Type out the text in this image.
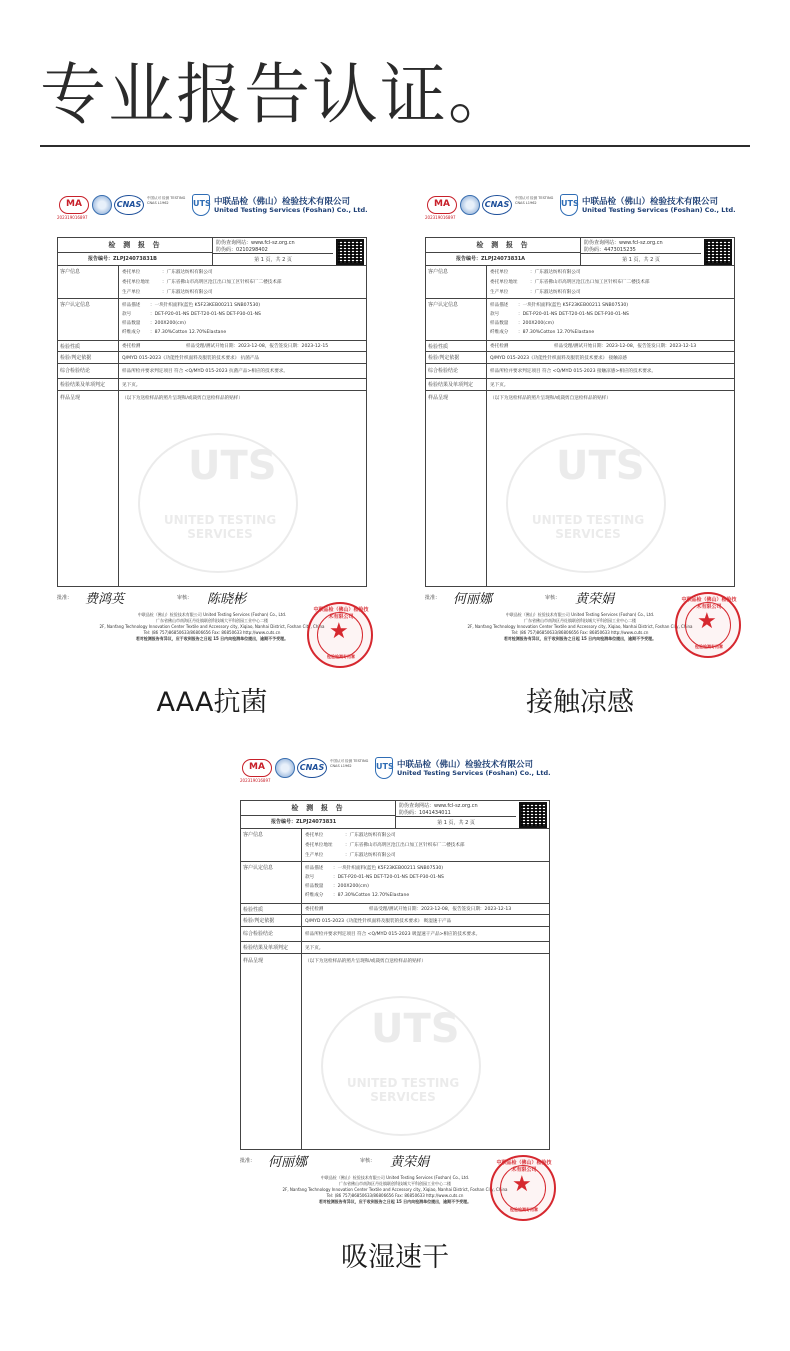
专业报告认证。
MA
202319016897
CNAS
中国认可 检测 TESTING CNAS L1962	UTS 中联品检（佛山）检验技术有限公司
United Testing Services (Foshan) Co., Ltd.
检 测 报 告
报告编号：ZLPJ24073831B
防伪查询网站：www.fcl-sz.org.cn
防伪码：0210298402
第 1 页，共 2 页
客户信息	委托单位	：广东淑达纺织有限公司
委托单位地址	：广东省佛山市高明区沧江出口加工区针织布厂二楼技术部
生产单位	：广东淑达纺织有限公司
客户认定信息	样品描述 ：一块针织面料(蓝色 K5F23KEB00211 SNB07530)
款号	：DET-P20-01-NS DET-T20-01-NS DET-P30-01-NS
样品数量 ：200X200(cm)
纤维成分 ：87.30%Cotton 12.70%Elastane
检验性质	委托检测	样品受理/测试开始日期：2023-12-08，报告签发日期：2023-12-15
检验/判定依据	Q/MYD 015-2023《功能性针织面料及服装的技术要求》 抗菌产品
综合检验结论	样品所检并要求判定项目 符合 <Q/MYD 015-2023 抗菌产品>相应的技术要求。
检验结果及单项判定	见下页。
样品呈现	（以下为送检样品的照片呈现和/或裁剪自送检样品的贴样）
UTS
UNITED TESTING SERVICES
批准： 费鸿英	审核： 陈晓彬
中联品检（佛山）检验技术有限公司 United Testing Services (Foshan) Co., Ltd.
广东省佛山市南海区丹灶镇联创科技城大平科创园工业中心二楼
2F, Nanfang Technology Innovation Center Textile and Accessory city, Xiqiao, Nanhai District, Foshan City, China
Tel: (86 757)86850633/86806656 Fax: 86850633 http://www.cuts.cn
若对检测报告有异议，应于收到报告之日起 15 日内向检测单位提出，逾期不予受理。
中联品检（佛山）检验技术有限公司
★
检验检测专用章
AAA抗菌
MA
202319016897
CNAS
中国认可 检测 TESTING CNAS L1962	UTS 中联品检（佛山）检验技术有限公司
United Testing Services (Foshan) Co., Ltd.
检 测 报 告
报告编号：ZLPJ24073831A
防伪查询网站：www.fcl-sz.org.cn
防伪码：4473015235
第 1 页，共 2 页
客户信息	委托单位	：广东淑达纺织有限公司
委托单位地址	：广东省佛山市高明区沧江出口加工区针织布厂二楼技术部
生产单位	：广东淑达纺织有限公司
客户认定信息	样品描述 ：一块针织面料(蓝色 K5F23KEB00211 SNB07530)
款号	：DET-P20-01-NS DET-T20-01-NS DET-P30-01-NS
样品数量 ：200X200(cm)
纤维成分 ：87.30%Cotton 12.70%Elastane
检验性质	委托检测	样品受理/测试开始日期：2023-12-08，报告签发日期：2023-12-13
检验/判定依据	Q/MYD 015-2023《功能性针织面料及服装的技术要求》 接触凉感
综合检验结论	样品所检并要求判定项目 符合 <Q/MYD 015-2023 接触凉感>相应的技术要求。
检验结果及单项判定	见下页。
样品呈现	（以下为送检样品的照片呈现和/或裁剪自送检样品的贴样）
UTS
UNITED TESTING SERVICES
批准： 何丽娜	审核： 黄荣娟
中联品检（佛山）检验技术有限公司 United Testing Services (Foshan) Co., Ltd.
广东省佛山市南海区丹灶镇联创科技城大平科创园工业中心二楼
2F, Nanfang Technology Innovation Center Textile and Accessory city, Xiqiao, Nanhai District, Foshan City, China
Tel: (86 757)86850633/86806656 Fax: 86850633 http://www.cuts.cn
若对检测报告有异议，应于收到报告之日起 15 日内向检测单位提出，逾期不予受理。
中联品检（佛山）检验技术有限公司
★
检验检测专用章
接触凉感
MA
202319016897
CNAS
中国认可 检测 TESTING CNAS L1962	UTS 中联品检（佛山）检验技术有限公司
United Testing Services (Foshan) Co., Ltd.
检 测 报 告
报告编号：ZLPJ24073831
防伪查询网站：www.fcl-sz.org.cn
防伪码：1041434011
第 1 页，共 2 页
客户信息	委托单位	：广东淑达纺织有限公司
委托单位地址	：广东省佛山市高明区沧江出口加工区针织布厂二楼技术部
生产单位	：广东淑达纺织有限公司
客户认定信息	样品描述 ：一块针织面料(蓝色 K5F23KEB00211 SNB07530)
款号	：DET-P20-01-NS DET-T20-01-NS DET-P30-01-NS
样品数量 ：200X200(cm)
纤维成分 ：87.30%Cotton 12.70%Elastane
检验性质	委托检测	样品受理/测试开始日期：2023-12-08，报告签发日期：2023-12-13
检验/判定依据	Q/MYD 015-2023《功能性针织面料及服装的技术要求》 吸湿速干产品
综合检验结论	样品所检并要求判定项目 符合 <Q/MYD 015-2023 吸湿速干产品>相应的技术要求。
检验结果及单项判定	见下页。
样品呈现	（以下为送检样品的照片呈现和/或裁剪自送检样品的贴样）
UTS
UNITED TESTING SERVICES
批准： 何丽娜	审核： 黄荣娟
中联品检（佛山）检验技术有限公司 United Testing Services (Foshan) Co., Ltd.
广东省佛山市南海区丹灶镇联创科技城大平科创园工业中心二楼
2F, Nanfang Technology Innovation Center Textile and Accessory city, Xiqiao, Nanhai District, Foshan City, China
Tel: (86 757)86850633/86806656 Fax: 86850633 http://www.cuts.cn
若对检测报告有异议，应于收到报告之日起 15 日内向检测单位提出，逾期不予受理。
中联品检（佛山）检验技术有限公司
★
检验检测专用章
吸湿速干
